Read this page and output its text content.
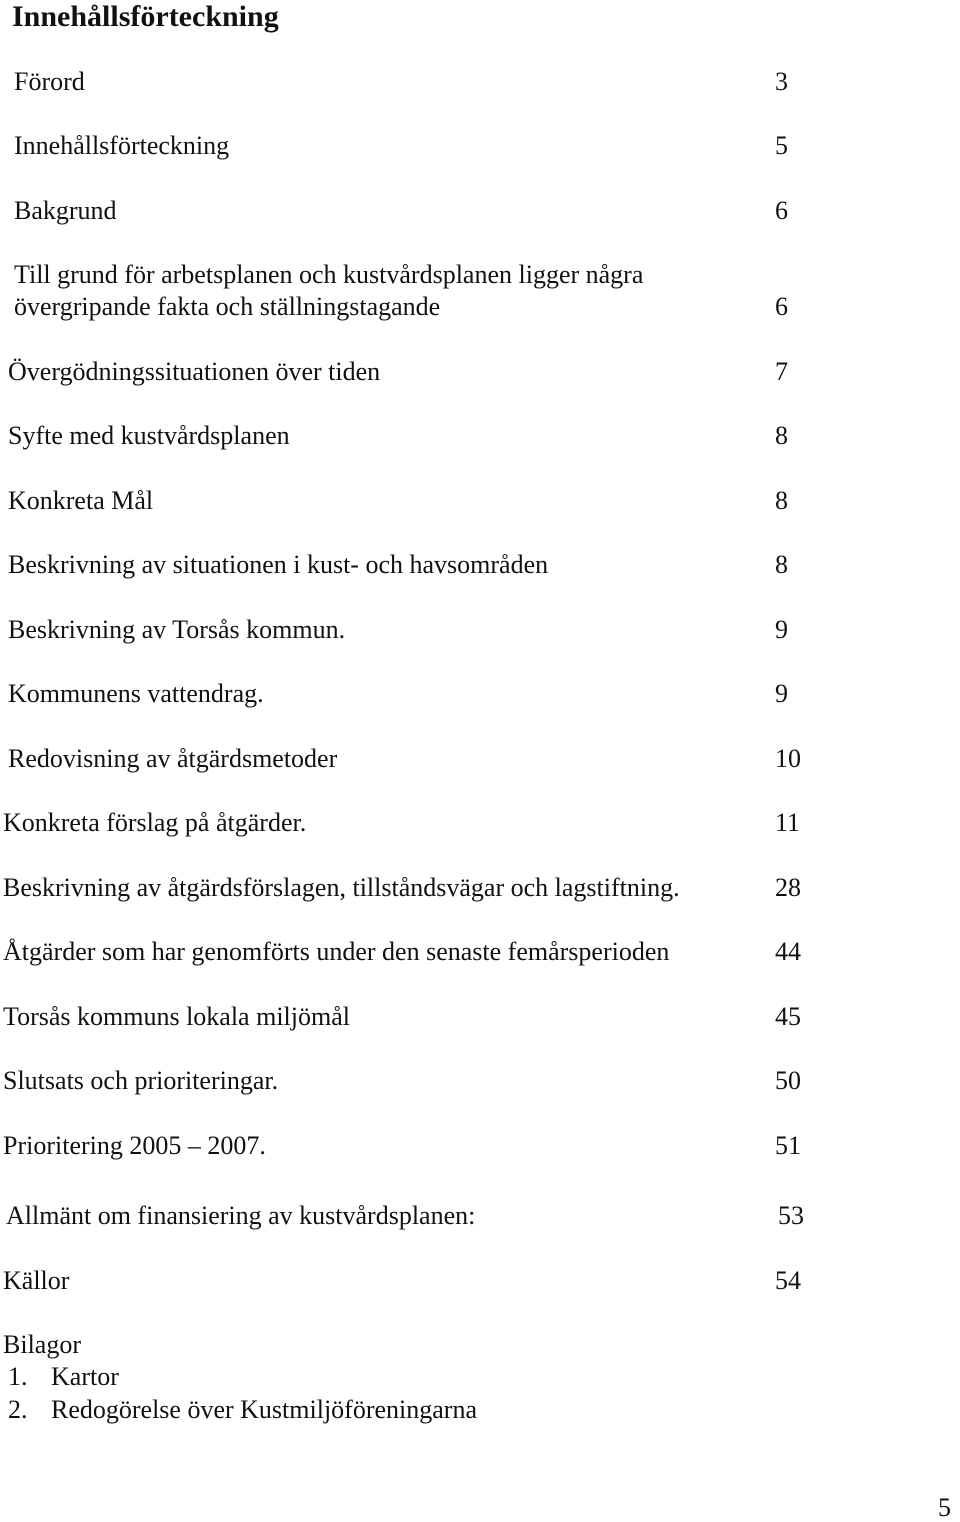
Innehållsförteckning
Förord	3
Innehållsförteckning	5
Bakgrund	6
Till grund för arbetsplanen och kustvårdsplanen ligger några
övergripande fakta och ställningstagande	6
Övergödningssituationen över tiden	7
Syfte med kustvårdsplanen	8
Konkreta Mål	8
Beskrivning av situationen i kust- och havsområden	8
Beskrivning av Torsås kommun.	9
Kommunens vattendrag.	9
Redovisning av åtgärdsmetoder	10
Konkreta förslag på åtgärder.	11
Beskrivning av åtgärdsförslagen, tillståndsvägar och lagstiftning.	28
Åtgärder som har genomförts under den senaste femårsperioden	44
Torsås kommuns lokala miljömål	45
Slutsats och prioriteringar.	50
Prioritering 2005 – 2007.	51
Allmänt om finansiering av kustvårdsplanen:	53
Källor	54
Bilagor
1. Kartor
2. Redogörelse över Kustmiljöföreningarna
5
